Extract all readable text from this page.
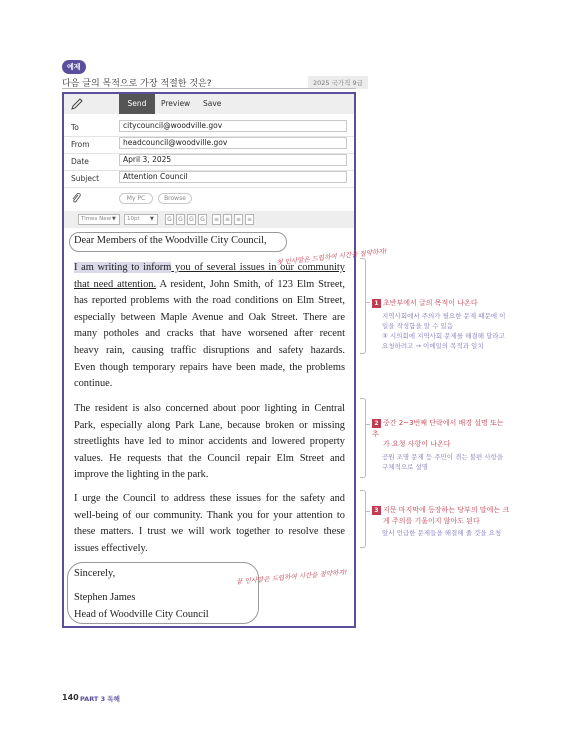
예제
다음 글의 목적으로 가장 적절한 것은?	2025 국가직 9급
Send	Preview Save
To	citycouncil@woodville.gov
From	headcouncil@woodville.gov
Date	April 3, 2025
Subject	Attention Council
My PC	Browse
Times New ▼	10pt ▼	G	G	G	G	≡ ≡ ≡ ≡
Dear Members of the Woodville City Council,
첫 인사말은 드립하여 시간을 절약하자!
I am writing to inform you of several issues in our community
that need attention. A resident, John Smith, of 123 Elm Street,
has reported problems with the road conditions on Elm Street,
especially between Maple Avenue and Oak Street. There are
many potholes and cracks that have worsened after recent
heavy rain, causing traffic disruptions and safety hazards.
Even though temporary repairs have been made, the problems
continue.
The resident is also concerned about poor lighting in Central
Park, especially along Park Lane, because broken or missing
streetlights have led to minor accidents and lowered property
values. He requests that the Council repair Elm Street and
improve the lighting in the park.
I urge the Council to address these issues for the safety and
well-being of our community. Thank you for your attention to
these matters. I trust we will work together to resolve these
issues effectively.
Sincerely,
Stephen James
Head of Woodville City Council
끝 인사말은 드립하여 시간을 절약하자!
1 초반부에서 글의 목적이 나온다
지역사회에서 주의가 필요한 문제 때문에 이
일을 작성함을 알 수 있음
③ 시의회에 지역사회 문제를 해결해 달라고
요청하려고 → 이메일의 목적과 일치
2 중간 2~3번째 단락에서 배경 설명 또는 추
가 요청 사항이 나온다
공원 조명 문제 등 주민이 겪는 불편 사항을
구체적으로 설명
3 지문 마지막에 등장하는 당부의 말에는 크
게 주의를 기울이지 않아도 된다
앞서 언급한 문제들을 해결해 줄 것을 요청
140 PART 3 독해
